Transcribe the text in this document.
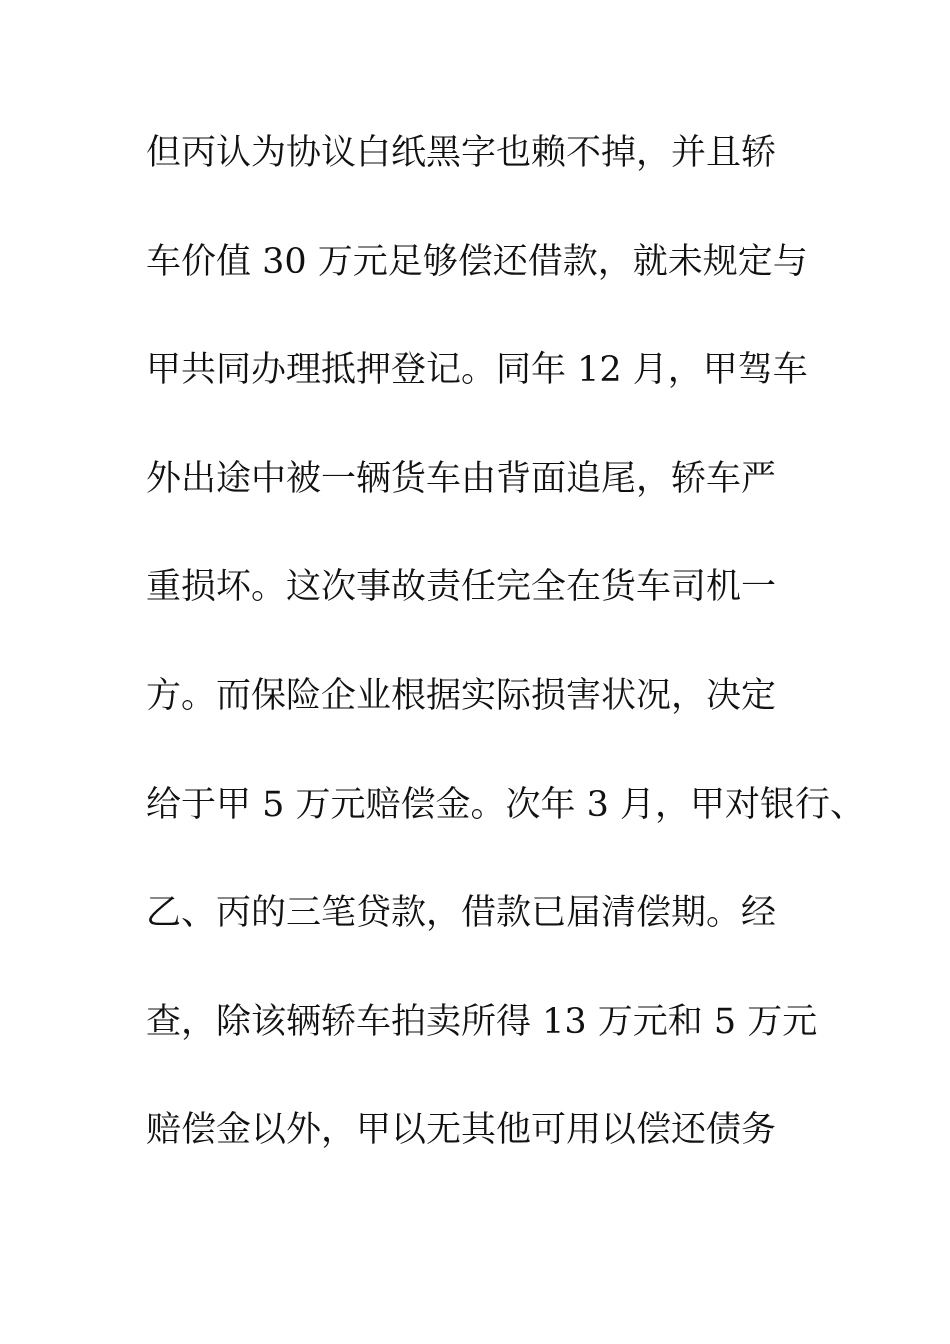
但丙认为协议白纸黑字也赖不掉，并且轿
车价值 30 万元足够偿还借款，就未规定与
甲共同办理抵押登记。同年 12 月，甲驾车
外出途中被一辆货车由背面追尾，轿车严
重损坏。这次事故责任完全在货车司机一
方。而保险企业根据实际损害状况，决定
给于甲 5 万元赔偿金。次年 3 月，甲对银行、
乙、丙的三笔贷款，借款已届清偿期。经
查，除该辆轿车拍卖所得 13 万元和 5 万元
赔偿金以外，甲以无其他可用以偿还债务
